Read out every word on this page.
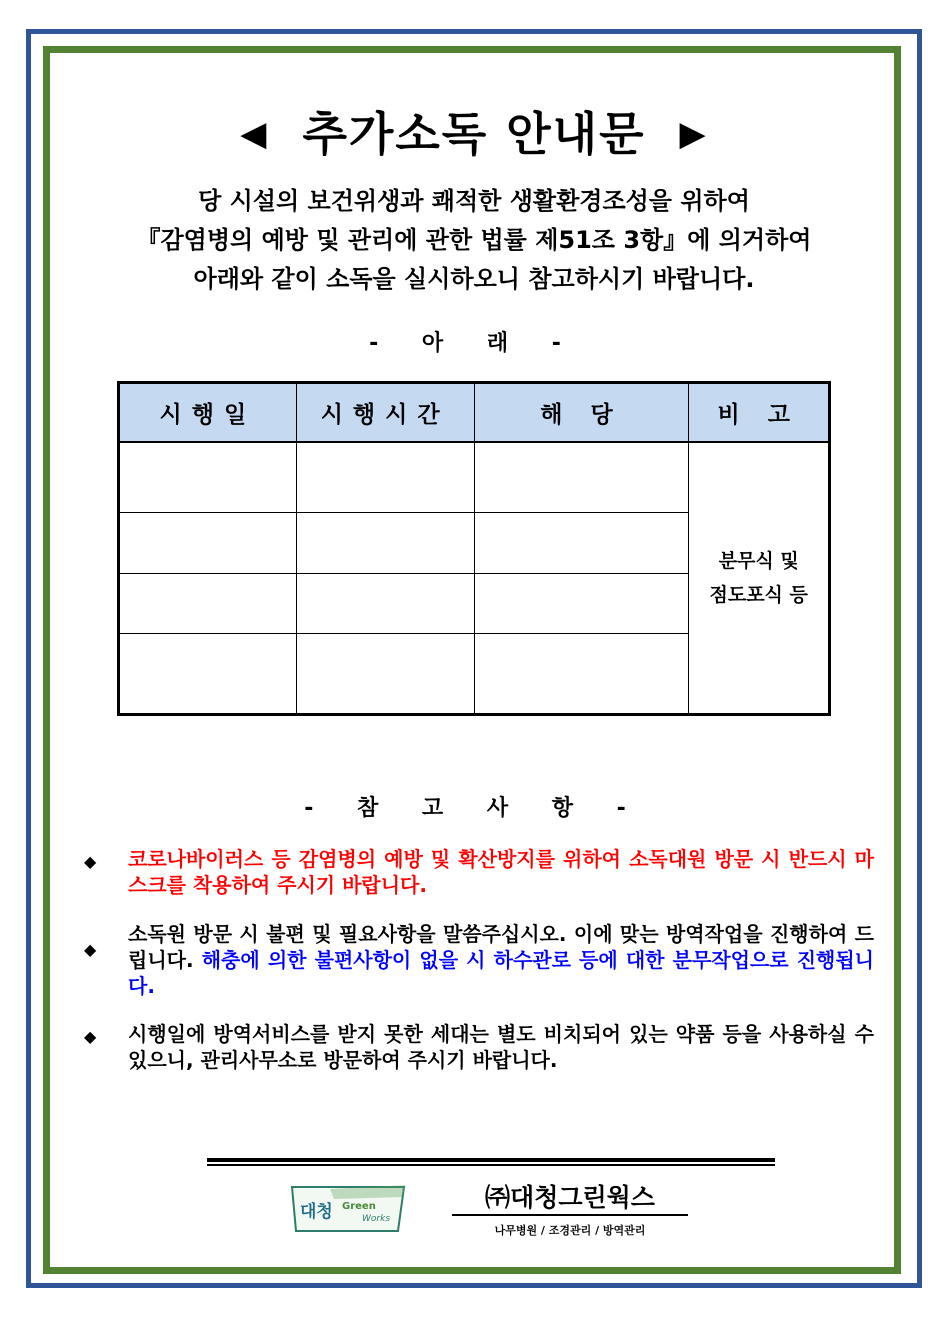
◀ 추가소독 안내문 ▶
당 시설의 보건위생과 쾌적한 생활환경조성을 위하여
『감염병의 예방 및 관리에 관한 법률 제51조 3항』에 의거하여
아래와 같이 소독을 실시하오니 참고하시기 바랍니다.
- 아 래 -
시행일	시행시간	해 당	비 고

			분무식 및
점도포식 등

- 참 고 사 항 -
◆ 코로나바이러스 등 감염병의 예방 및 확산방지를 위하여 소독대원 방문 시 반드시 마스크를 착용하여 주시기 바랍니다.
◆
소독원 방문 시 불편 및 필요사항을 말씀주십시오. 이에 맞는 방역작업을 진행하여 드립니다. 해충에 의한 불편사항이 없을 시 하수관로 등에 대한 분무작업으로 진행됩니다.
◆ 시행일에 방역서비스를 받지 못한 세대는 별도 비치되어 있는 약품 등을 사용하실 수 있으니, 관리사무소로 방문하여 주시기 바랍니다.
대청 Green
Works
㈜대청그린웍스
나무병원 / 조경관리 / 방역관리
